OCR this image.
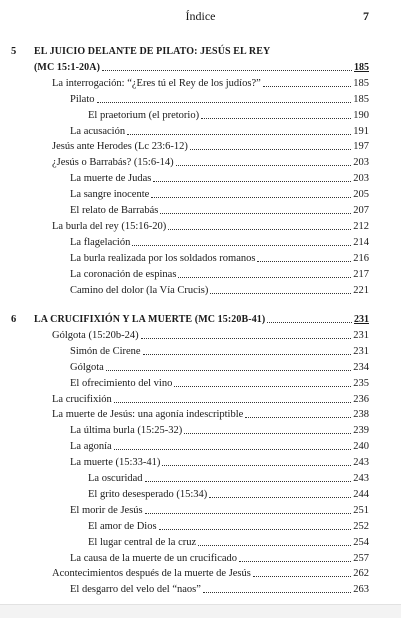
Índice	7
5 EL JUICIO DELANTE DE PILATO: JESÚS EL REY
(MC 15:1-20A)	185
La interrogación: “¿Eres tú el Rey de los judíos?”	185
Pilato	185
El praetorium (el pretorio)	190
La acusación	191
Jesús ante Herodes (Lc 23:6-12)	197
¿Jesús o Barrabás? (15:6-14)	203
La muerte de Judas	203
La sangre inocente	205
El relato de Barrabás	207
La burla del rey (15:16-20)	212
La flagelación	214
La burla realizada por los soldados romanos	216
La coronación de espinas	217
Camino del dolor (la Vía Crucis)	221
6 LA CRUCIFIXIÓN Y LA MUERTE (MC 15:20B-41)	231
Gólgota (15:20b-24)	231
Simón de Cirene	231
Gólgota	234
El ofrecimiento del vino	235
La crucifixión	236
La muerte de Jesús: una agonía indescriptible	238
La última burla (15:25-32)	239
La agonía	240
La muerte (15:33-41)	243
La oscuridad	243
El grito desesperado (15:34)	244
El morir de Jesús	251
El amor de Dios	252
El lugar central de la cruz	254
La causa de la muerte de un crucificado	257
Acontecimientos después de la muerte de Jesús	262
El desgarro del velo del “naos”	263
